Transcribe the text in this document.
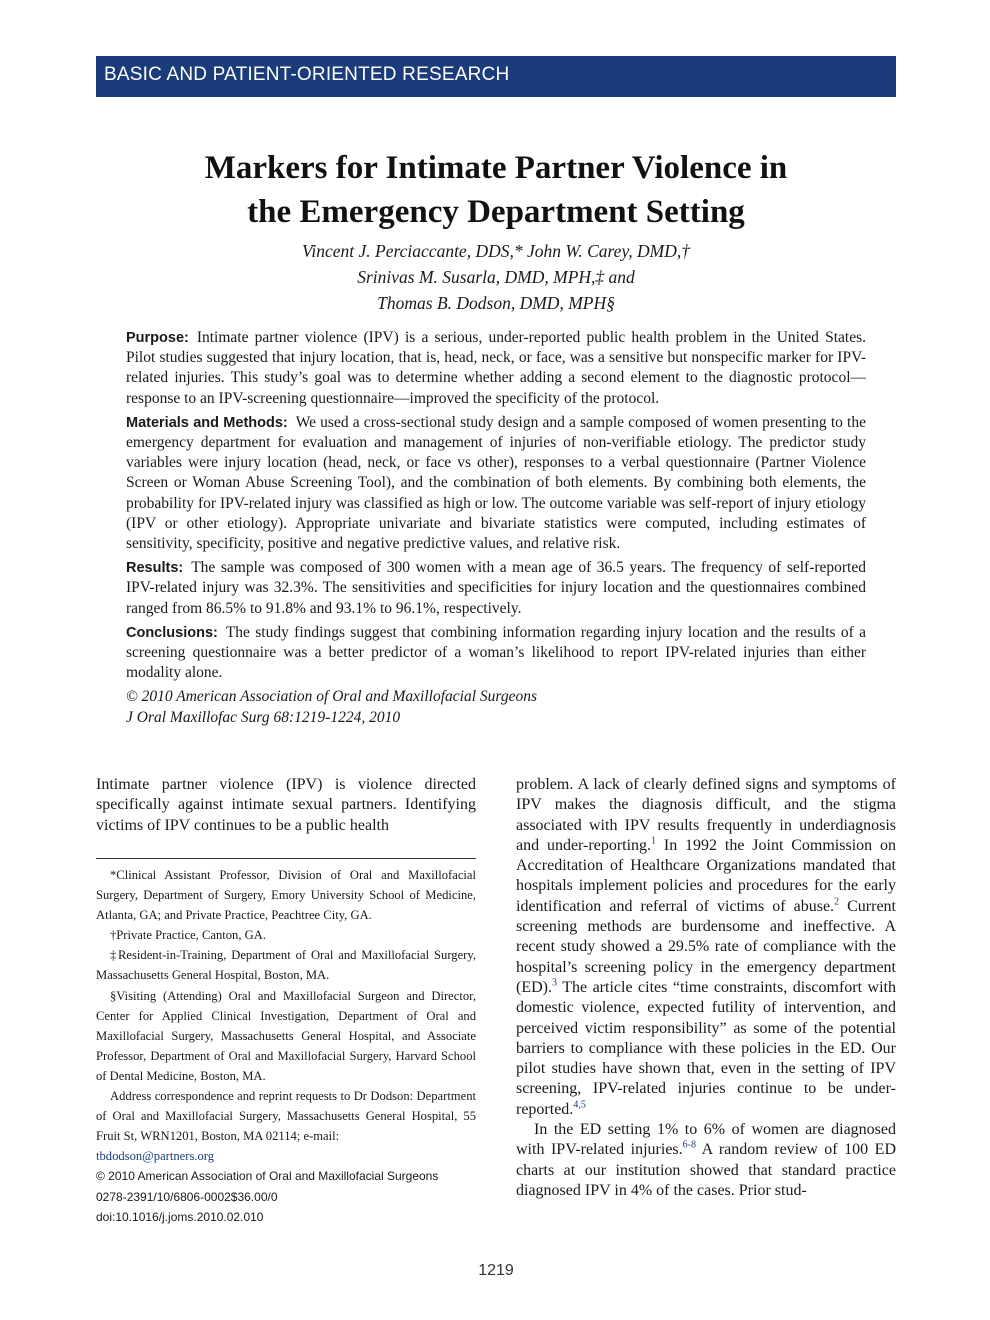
BASIC AND PATIENT-ORIENTED RESEARCH
Markers for Intimate Partner Violence in
the Emergency Department Setting
Vincent J. Perciaccante, DDS,* John W. Carey, DMD,†
Srinivas M. Susarla, DMD, MPH,‡ and
Thomas B. Dodson, DMD, MPH§

Purpose: Intimate partner violence (IPV) is a serious, under-reported public health problem in the United States. Pilot studies suggested that injury location, that is, head, neck, or face, was a sensitive but nonspecific marker for IPV-related injuries. This study’s goal was to determine whether adding a second element to the diagnostic protocol—response to an IPV-screening questionnaire—improved the specificity of the protocol.

Materials and Methods: We used a cross-sectional study design and a sample composed of women presenting to the emergency department for evaluation and management of injuries of non-verifiable etiology. The predictor study variables were injury location (head, neck, or face vs other), responses to a verbal questionnaire (Partner Violence Screen or Woman Abuse Screening Tool), and the combination of both elements. By combining both elements, the probability for IPV-related injury was classified as high or low. The outcome variable was self-report of injury etiology (IPV or other etiology). Appropriate univariate and bivariate statistics were computed, including estimates of sensitivity, specificity, positive and negative predictive values, and relative risk.

Results: The sample was composed of 300 women with a mean age of 36.5 years. The frequency of self-reported IPV-related injury was 32.3%. The sensitivities and specificities for injury location and the questionnaires combined ranged from 86.5% to 91.8% and 93.1% to 96.1%, respectively.

Conclusions: The study findings suggest that combining information regarding injury location and the results of a screening questionnaire was a better predictor of a woman’s likelihood to report IPV-related injuries than either modality alone.

© 2010 American Association of Oral and Maxillofacial Surgeons

J Oral Maxillofac Surg 68:1219-1224, 2010

Intimate partner violence (IPV) is violence directed specifically against intimate sexual partners. Identifying victims of IPV continues to be a public health

*Clinical Assistant Professor, Division of Oral and Maxillofacial Surgery, Department of Surgery, Emory University School of Medicine, Atlanta, GA; and Private Practice, Peachtree City, GA.

†Private Practice, Canton, GA.

‡Resident-in-Training, Department of Oral and Maxillofacial Surgery, Massachusetts General Hospital, Boston, MA.

§Visiting (Attending) Oral and Maxillofacial Surgeon and Director, Center for Applied Clinical Investigation, Department of Oral and Maxillofacial Surgery, Massachusetts General Hospital, and Associate Professor, Department of Oral and Maxillofacial Surgery, Harvard School of Dental Medicine, Boston, MA.

Address correspondence and reprint requests to Dr Dodson: Department of Oral and Maxillofacial Surgery, Massachusetts General Hospital, 55 Fruit St, WRN1201, Boston, MA 02114; e-mail:

tbdodson@partners.org

© 2010 American Association of Oral and Maxillofacial Surgeons

0278-2391/10/6806-0002$36.00/0

doi:10.1016/j.joms.2010.02.010

problem. A lack of clearly defined signs and symptoms of IPV makes the diagnosis difficult, and the stigma associated with IPV results frequently in underdiagnosis and under-reporting.$^1$ In 1992 the Joint Commission on Accreditation of Healthcare Organizations mandated that hospitals implement policies and procedures for the early identification and referral of victims of abuse.$^2$ Current screening methods are burdensome and ineffective. A recent study showed a 29.5% rate of compliance with the hospital’s screening policy in the emergency department (ED).$^3$ The article cites “time constraints, discomfort with domestic violence, expected futility of intervention, and perceived victim responsibility” as some of the potential barriers to compliance with these policies in the ED. Our pilot studies have shown that, even in the setting of IPV screening, IPV-related injuries continue to be under-reported.$^{4,5}$

In the ED setting 1% to 6% of women are diagnosed with IPV-related injuries.$^{6-8}$ A random review of 100 ED charts at our institution showed that standard practice diagnosed IPV in 4% of the cases. Prior stud-

1219
